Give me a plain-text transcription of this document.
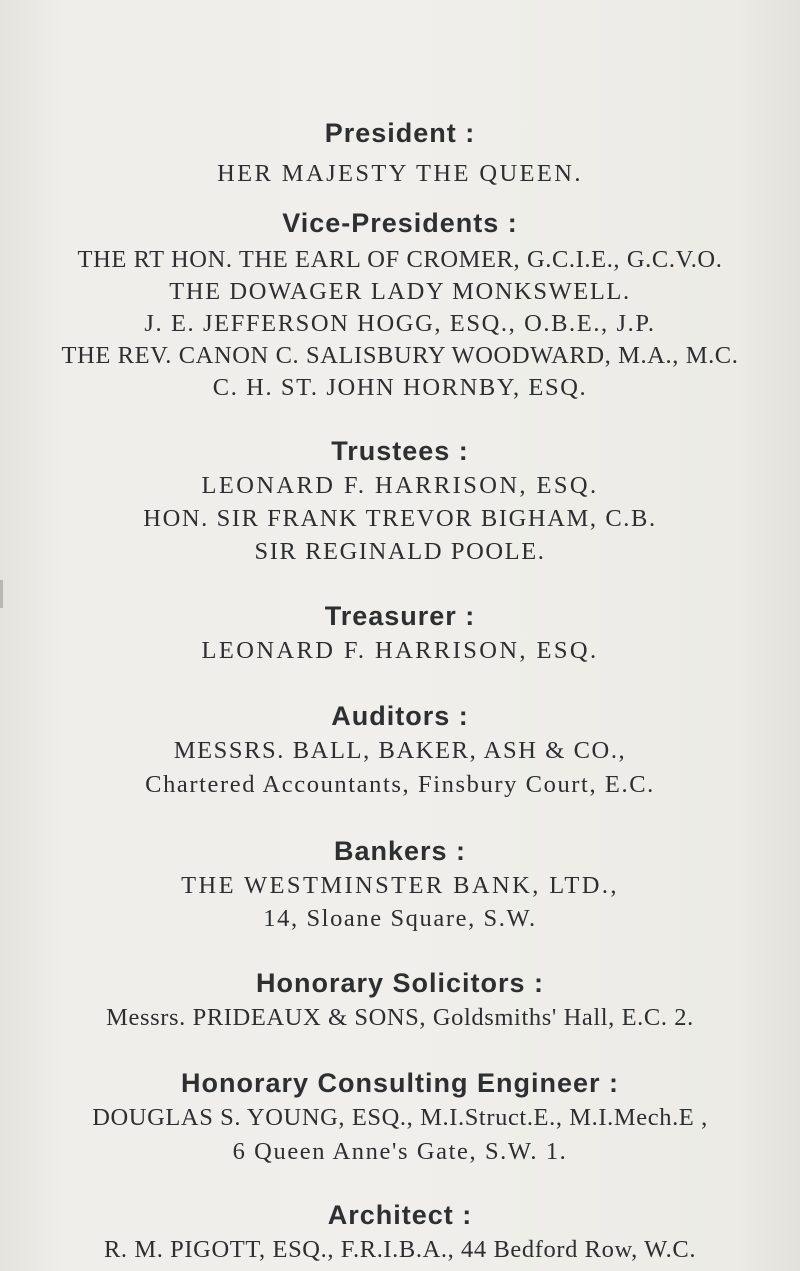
President :
HER MAJESTY THE QUEEN.
Vice-Presidents :
THE RT HON. THE EARL OF CROMER, G.C.I.E., G.C.V.O.
THE DOWAGER LADY MONKSWELL.
J. E. JEFFERSON HOGG, ESQ., O.B.E., J.P.
THE REV. CANON C. SALISBURY WOODWARD, M.A., M.C.
C. H. ST. JOHN HORNBY, ESQ.
Trustees :
LEONARD F. HARRISON, ESQ.
HON. SIR FRANK TREVOR BIGHAM, C.B.
SIR REGINALD POOLE.
Treasurer :
LEONARD F. HARRISON, ESQ.
Auditors :
MESSRS. BALL, BAKER, ASH & CO.,
Chartered Accountants, Finsbury Court, E.C.
Bankers :
THE WESTMINSTER BANK, LTD.,
14, Sloane Square, S.W.
Honorary Solicitors :
Messrs. PRIDEAUX & SONS, Goldsmiths' Hall, E.C. 2.
Honorary Consulting Engineer :
DOUGLAS S. YOUNG, ESQ., M.I.Struct.E., M.I.Mech.E ,
6 Queen Anne's Gate, S.W. 1.
Architect :
R. M. PIGOTT, ESQ., F.R.I.B.A., 44 Bedford Row, W.C.
